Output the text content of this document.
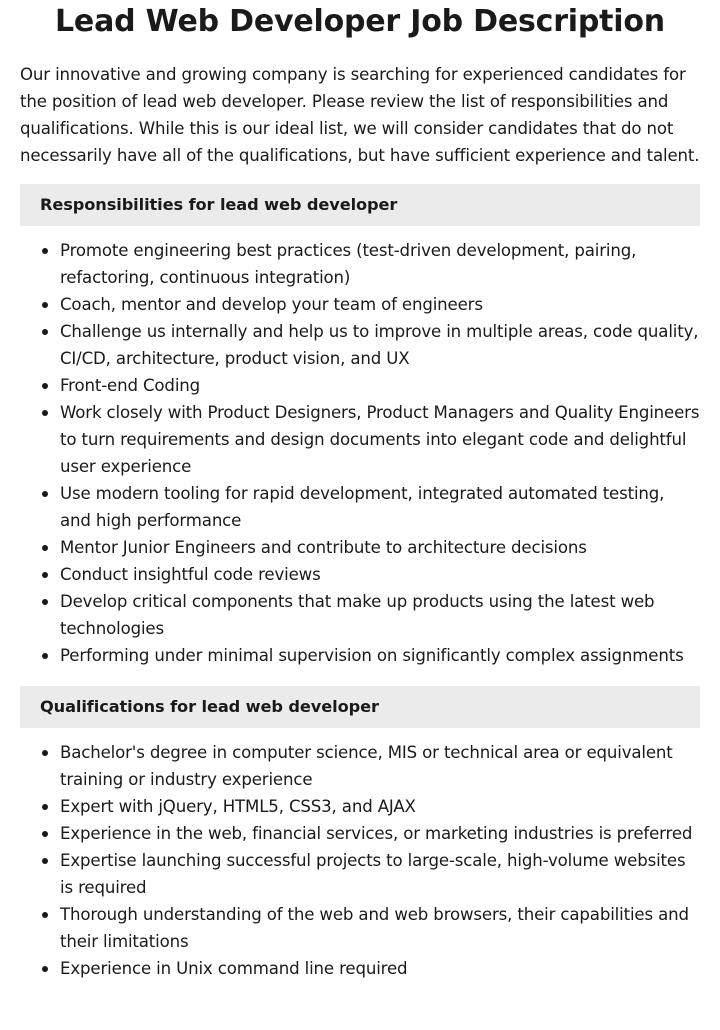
Lead Web Developer Job Description

Our innovative and growing company is searching for experienced candidates for the position of lead web developer. Please review the list of responsibilities and qualifications. While this is our ideal list, we will consider candidates that do not necessarily have all of the qualifications, but have sufficient experience and talent.

Responsibilities for lead web developer
Promote engineering best practices (test-driven development, pairing, refactoring, continuous integration)
Coach, mentor and develop your team of engineers
Challenge us internally and help us to improve in multiple areas, code quality, CI/CD, architecture, product vision, and UX
Front-end Coding
Work closely with Product Designers, Product Managers and Quality Engineers to turn requirements and design documents into elegant code and delightful user experience
Use modern tooling for rapid development, integrated automated testing, and high performance
Mentor Junior Engineers and contribute to architecture decisions
Conduct insightful code reviews
Develop critical components that make up products using the latest web technologies
Performing under minimal supervision on significantly complex assignments
Qualifications for lead web developer
Bachelor's degree in computer science, MIS or technical area or equivalent training or industry experience
Expert with jQuery, HTML5, CSS3, and AJAX
Experience in the web, financial services, or marketing industries is preferred
Expertise launching successful projects to large-scale, high-volume websites is required
Thorough understanding of the web and web browsers, their capabilities and their limitations
Experience in Unix command line required
